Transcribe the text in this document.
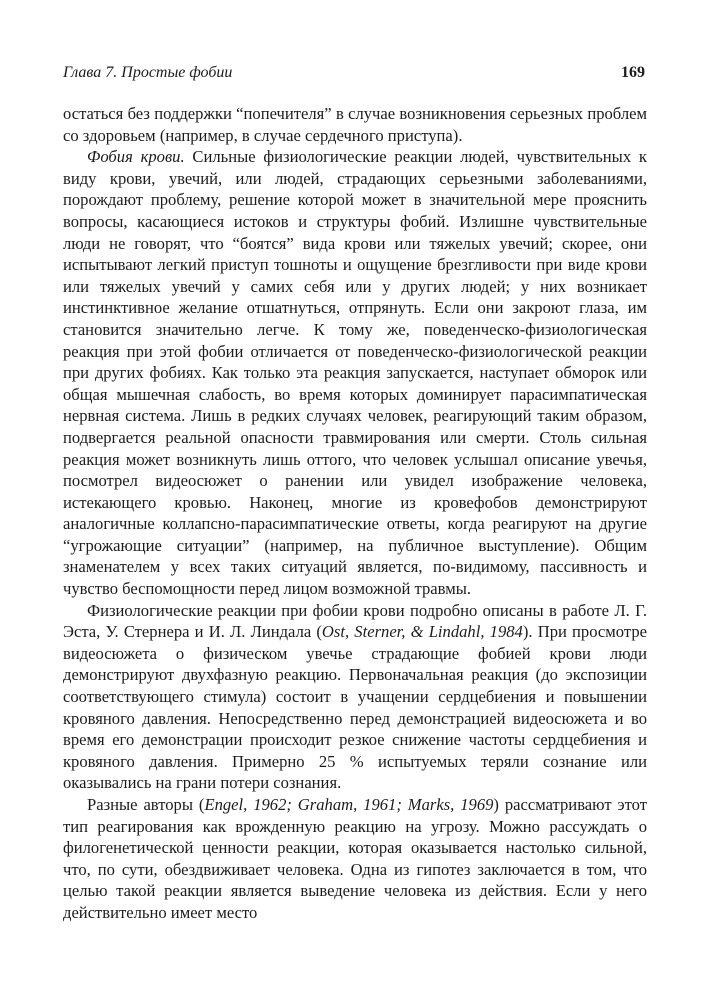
Глава 7. Простые фобии	169

остаться без поддержки “попечителя” в случае возникновения серьезных проблем со здоровьем (например, в случае сердечного приступа).

Фобия крови. Сильные физиологические реакции людей, чувствительных к виду крови, увечий, или людей, страдающих серьезными заболеваниями, порождают проблему, решение которой может в значительной мере прояснить вопросы, касающиеся истоков и структуры фобий. Излишне чувствительные люди не говорят, что “боятся” вида крови или тяжелых увечий; скорее, они испытывают легкий приступ тошноты и ощущение брезгливости при виде крови или тяжелых увечий у самих себя или у других людей; у них возникает инстинктивное желание отшатнуться, отпрянуть. Если они закроют глаза, им становится значительно легче. К тому же, поведенческо-физиологическая реакция при этой фобии отличается от поведенческо-физиологической реакции при других фобиях. Как только эта реакция запускается, наступает обморок или общая мышечная слабость, во время которых доминирует парасимпатическая нервная система. Лишь в редких случаях человек, реагирующий таким образом, подвергается реальной опасности травмирования или смерти. Столь сильная реакция может возникнуть лишь оттого, что человек услышал описание увечья, посмотрел видеосюжет о ранении или увидел изображение человека, истекающего кровью. Наконец, многие из кровефобов демонстрируют аналогичные коллапсно-парасимпатические ответы, когда реагируют на другие “угрожающие ситуации” (например, на публичное выступление). Общим знаменателем у всех таких ситуаций является, по-видимому, пассивность и чувство беспомощности перед лицом возможной травмы.

Физиологические реакции при фобии крови подробно описаны в работе Л. Г. Эста, У. Стернера и И. Л. Линдала (Ost, Sterner, & Lindahl, 1984). При просмотре видеосюжета о физическом увечье страдающие фобией крови люди демонстрируют двухфазную реакцию. Первоначальная реакция (до экспозиции соответствующего стимула) состоит в учащении сердцебиения и повышении кровяного давления. Непосредственно перед демонстрацией видеосюжета и во время его демонстрации происходит резкое снижение частоты сердцебиения и кровяного давления. Примерно 25 % испытуемых теряли сознание или оказывались на грани потери сознания.

Разные авторы (Engel, 1962; Graham, 1961; Marks, 1969) рассматривают этот тип реагирования как врожденную реакцию на угрозу. Можно рассуждать о филогенетической ценности реакции, которая оказывается настолько сильной, что, по сути, обездвиживает человека. Одна из гипотез заключается в том, что целью такой реакции является выведение человека из действия. Если у него действительно имеет место
